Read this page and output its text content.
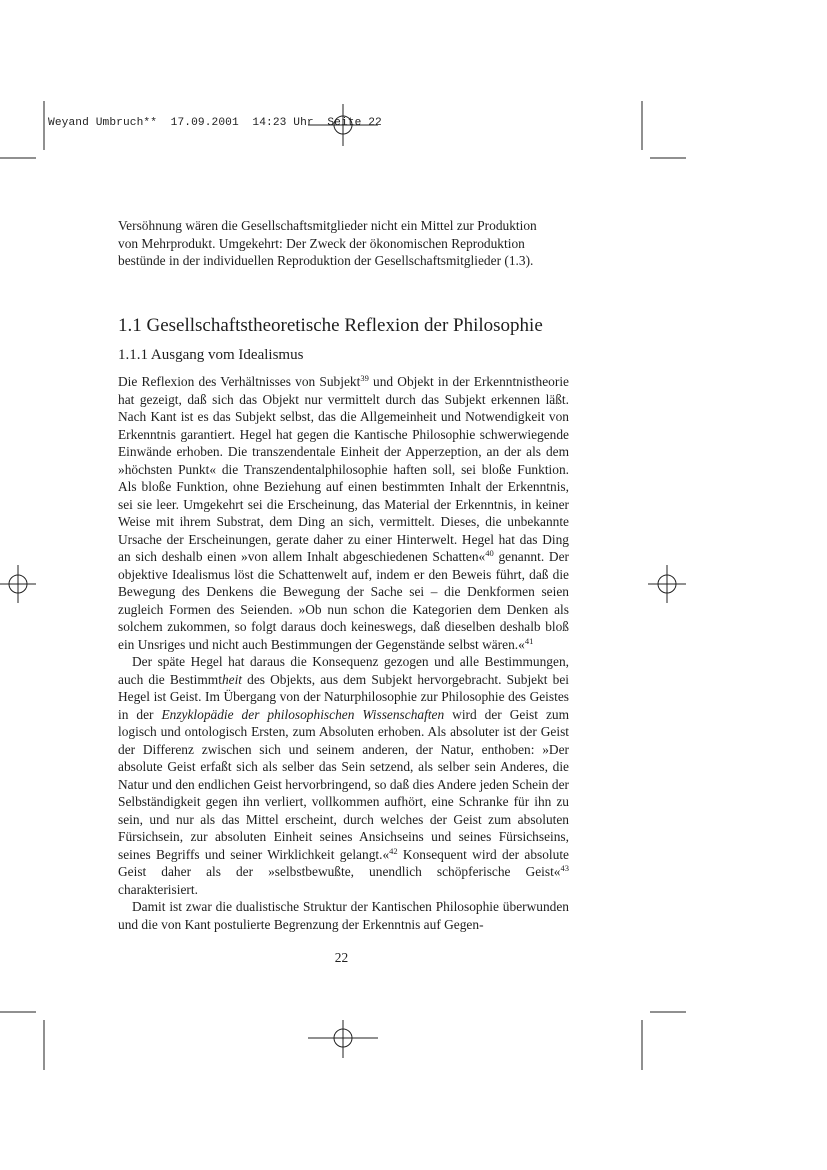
Weyand Umbruch**  17.09.2001  14:23 Uhr  Seite 22

Versöhnung wären die Gesellschaftsmitglieder nicht ein Mittel zur Produktion
von Mehrprodukt. Umgekehrt: Der Zweck der ökonomischen Reproduktion
bestünde in der individuellen Reproduktion der Gesellschaftsmitglieder (1.3).

1.1 Gesellschaftstheoretische Reflexion der Philosophie
1.1.1 Ausgang vom Idealismus

Die Reflexion des Verhältnisses von Subjekt$^{39}$ und Objekt in der Erkenntnistheorie hat gezeigt, daß sich das Objekt nur vermittelt durch das Subjekt erkennen läßt. Nach Kant ist es das Subjekt selbst, das die Allgemeinheit und Notwendigkeit von Erkenntnis garantiert. Hegel hat gegen die Kantische Philosophie schwerwiegende Einwände erhoben. Die transzendentale Einheit der Apperzeption, an der als dem »höchsten Punkt« die Transzendentalphilosophie haften soll, sei bloße Funktion. Als bloße Funktion, ohne Beziehung auf einen bestimmten Inhalt der Erkenntnis, sei sie leer. Umgekehrt sei die Erscheinung, das Material der Erkenntnis, in keiner Weise mit ihrem Substrat, dem Ding an sich, vermittelt. Dieses, die unbekannte Ursache der Erscheinungen, gerate daher zu einer Hinterwelt. Hegel hat das Ding an sich deshalb einen »von allem Inhalt abgeschiedenen Schatten«$^{40}$ genannt. Der objektive Idealismus löst die Schattenwelt auf, indem er den Beweis führt, daß die Bewegung des Denkens die Bewegung der Sache sei – die Denkformen seien zugleich Formen des Seienden. »Ob nun schon die Kategorien dem Denken als solchem zukommen, so folgt daraus doch keineswegs, daß dieselben deshalb bloß ein Unsriges und nicht auch Bestimmungen der Gegenstände selbst wären.«$^{41}$

Der späte Hegel hat daraus die Konsequenz gezogen und alle Bestimmungen, auch die Bestimmtheit des Objekts, aus dem Subjekt hervorgebracht. Subjekt bei Hegel ist Geist. Im Übergang von der Naturphilosophie zur Philosophie des Geistes in der Enzyklopädie der philosophischen Wissenschaften wird der Geist zum logisch und ontologisch Ersten, zum Absoluten erhoben. Als absoluter ist der Geist der Differenz zwischen sich und seinem anderen, der Natur, enthoben: »Der absolute Geist erfaßt sich als selber das Sein setzend, als selber sein Anderes, die Natur und den endlichen Geist hervorbringend, so daß dies Andere jeden Schein der Selbständigkeit gegen ihn verliert, vollkommen aufhört, eine Schranke für ihn zu sein, und nur als das Mittel erscheint, durch welches der Geist zum absoluten Fürsichsein, zur absoluten Einheit seines Ansichseins und seines Fürsichseins, seines Begriffs und seiner Wirklichkeit gelangt.«$^{42}$ Konsequent wird der absolute Geist daher als der »selbstbewußte, unendlich schöpferische Geist«$^{43}$ charakterisiert.

Damit ist zwar die dualistische Struktur der Kantischen Philosophie überwunden und die von Kant postulierte Begrenzung der Erkenntnis auf Gegen-

22
